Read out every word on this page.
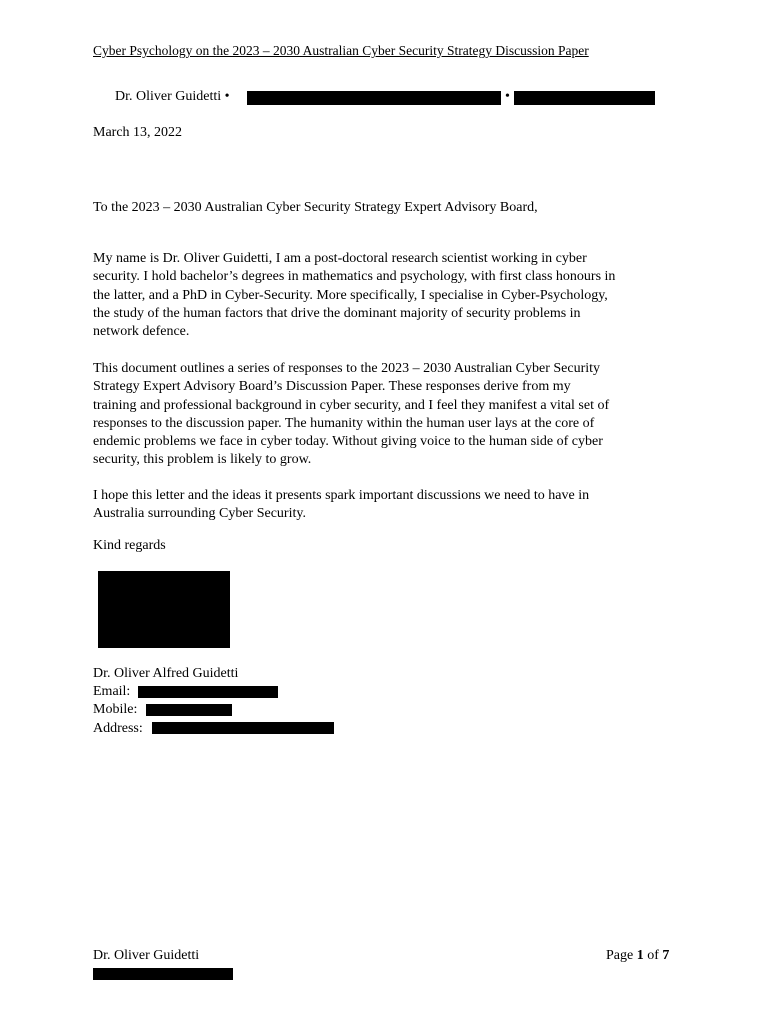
Cyber Psychology on the 2023 – 2030 Australian Cyber Security Strategy Discussion Paper
Dr. Oliver Guidetti •	•
March 13, 2022
To the 2023 – 2030 Australian Cyber Security Strategy Expert Advisory Board,
My name is Dr. Oliver Guidetti, I am a post-doctoral research scientist working in cyber
security. I hold bachelor’s degrees in mathematics and psychology, with first class honours in
the latter, and a PhD in Cyber-Security. More specifically, I specialise in Cyber-Psychology,
the study of the human factors that drive the dominant majority of security problems in
network defence.
This document outlines a series of responses to the 2023 – 2030 Australian Cyber Security
Strategy Expert Advisory Board’s Discussion Paper. These responses derive from my
training and professional background in cyber security, and I feel they manifest a vital set of
responses to the discussion paper. The humanity within the human user lays at the core of
endemic problems we face in cyber today. Without giving voice to the human side of cyber
security, this problem is likely to grow.
I hope this letter and the ideas it presents spark important discussions we need to have in
Australia surrounding Cyber Security.
Kind regards
Dr. Oliver Alfred Guidetti
Email:
Mobile:
Address:
Dr. Oliver Guidetti	Page 1 of 7
